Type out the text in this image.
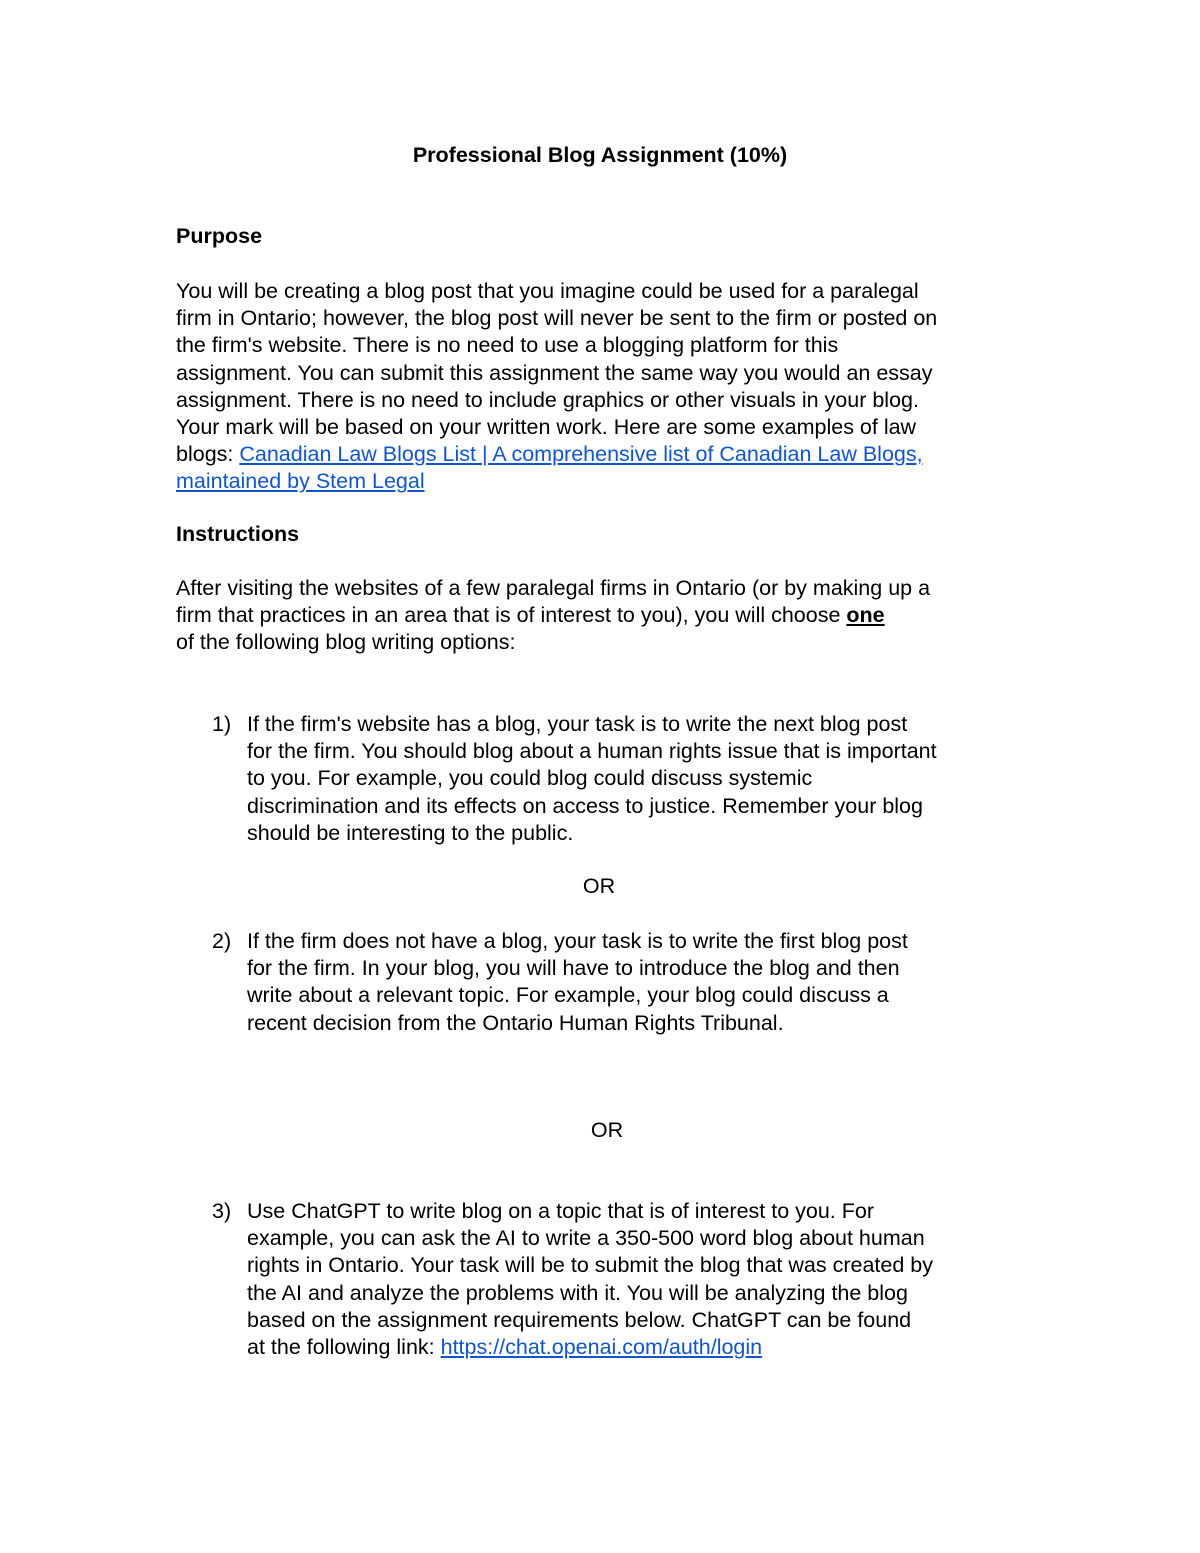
Professional Blog Assignment (10%)
Purpose
You will be creating a blog post that you imagine could be used for a paralegal
firm in Ontario; however, the blog post will never be sent to the firm or posted on
the firm's website. There is no need to use a blogging platform for this
assignment. You can submit this assignment the same way you would an essay
assignment. There is no need to include graphics or other visuals in your blog.
Your mark will be based on your written work. Here are some examples of law
blogs: Canadian Law Blogs List | A comprehensive list of Canadian Law Blogs,
maintained by Stem Legal
Instructions
After visiting the websites of a few paralegal firms in Ontario (or by making up a
firm that practices in an area that is of interest to you), you will choose one
of the following blog writing options:
1) If the firm's website has a blog, your task is to write the next blog post
for the firm. You should blog about a human rights issue that is important
to you. For example, you could blog could discuss systemic
discrimination and its effects on access to justice. Remember your blog
should be interesting to the public.
OR
2) If the firm does not have a blog, your task is to write the first blog post
for the firm. In your blog, you will have to introduce the blog and then
write about a relevant topic. For example, your blog could discuss a
recent decision from the Ontario Human Rights Tribunal.
OR
3) Use ChatGPT to write blog on a topic that is of interest to you. For
example, you can ask the AI to write a 350-500 word blog about human
rights in Ontario. Your task will be to submit the blog that was created by
the AI and analyze the problems with it. You will be analyzing the blog
based on the assignment requirements below. ChatGPT can be found
at the following link: https://chat.openai.com/auth/login
